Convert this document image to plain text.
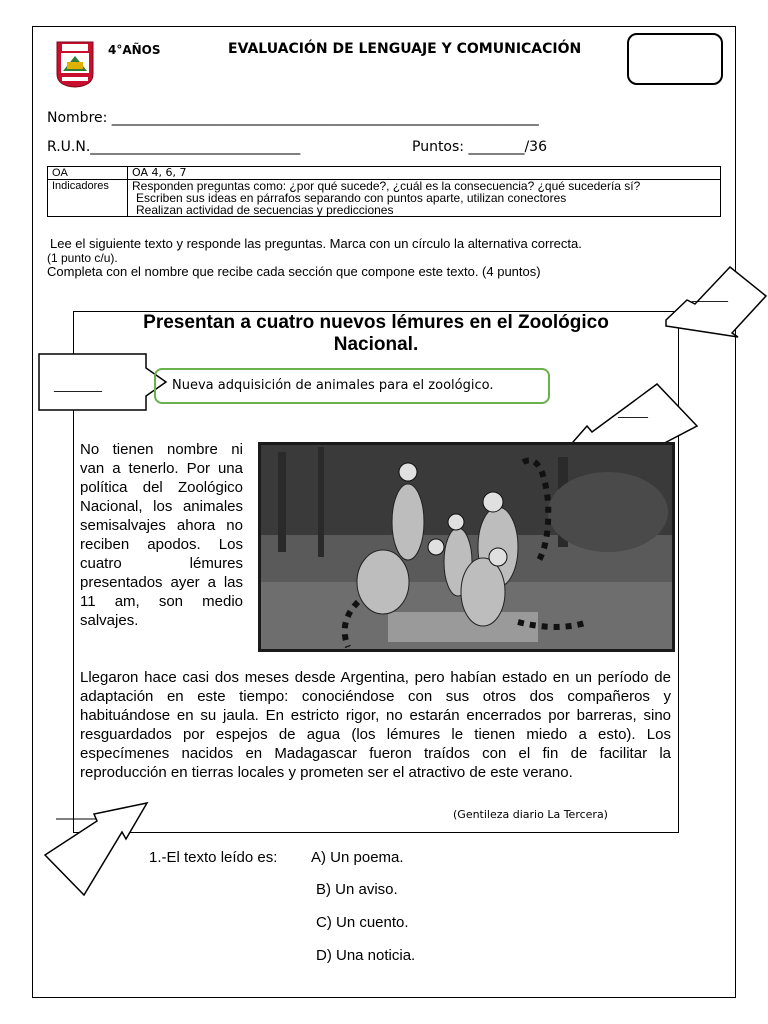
4°AÑOS	EVALUACIÓN DE LENGUAJE Y COMUNICACIÓN
Nombre: _____________________________________________________________
R.U.N.______________________________	Puntos: ________/36
OA	OA 4, 6, 7
Indicadores	Responden preguntas como: ¿por qué sucede?, ¿cuál es la consecuencia? ¿qué sucedería sí?
Escriben sus ideas en párrafos separando con puntos aparte, utilizan conectores
Realizan actividad de secuencias y predicciones
Lee el siguiente texto y responde las preguntas. Marca con un círculo la alternativa correcta.
(1 punto c/u).
Completa con el nombre que recibe cada sección que compone este texto. (4 puntos)
Presentan a cuatro nuevos lémures en el Zoológico
Nacional.
______
________	Nueva adquisición de animales para el zoológico.
_____
No tienen nombre ni van a tenerlo. Por una política del Zoológico Nacional, los animales semisalvajes ahora no reciben apodos. Los cuatro lémures presentados ayer a las 11 am, son medio salvajes.
Llegaron hace casi dos meses desde Argentina, pero habían estado en un período de adaptación en este tiempo: conociéndose con sus otros dos compañeros y habituándose en su jaula. En estricto rigor, no estarán encerrados por barreras, sino resguardados por espejos de agua (los lémures le tienen miedo a esto). Los especímenes nacidos en Madagascar fueron traídos con el fin de facilitar la reproducción en tierras locales y prometen ser el atractivo de este verano.
(Gentileza diario La Tercera)
1.-El texto leído es: A) Un poema.
B) Un aviso.
C) Un cuento.
D) Una noticia.
